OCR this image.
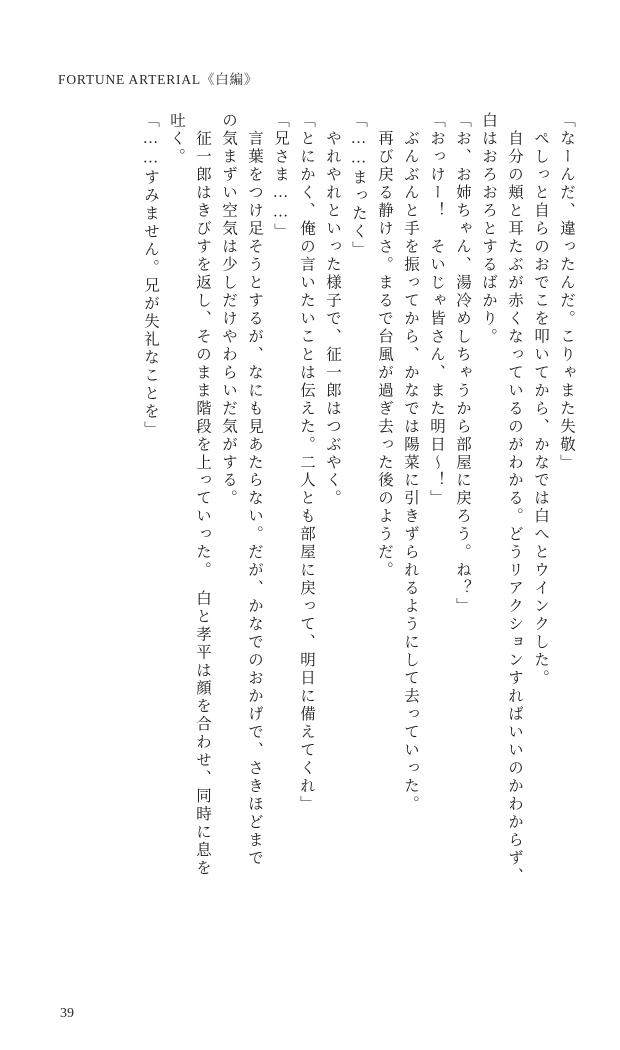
FORTUNE ARTERIAL《白編》
「なーんだ、違ったんだ。こりゃまた失敬」
　ぺしっと自らのおでこを叩いてから、かなでは白へとウインクした。
　自分の頬と耳たぶが赤くなっているのがわかる。どうリアクションすればいいのかわからず、
白はおろおろとするばかり。
「お、お姉ちゃん、湯冷めしちゃうから部屋に戻ろう。ね？」
「おっけー！　そいじゃ皆さん、また明日～！」
　ぶんぶんと手を振ってから、かなでは陽菜に引きずられるようにして去っていった。
　再び戻る静けさ。まるで台風が過ぎ去った後のようだ。
「……まったく」
　やれやれといった様子で、征一郎はつぶやく。
「とにかく、俺の言いたいことは伝えた。二人とも部屋に戻って、明日に備えてくれ」
「兄さま……」
　言葉をつけ足そうとするが、なにも見あたらない。だが、かなでのおかげで、さきほどまで
の気まずい空気は少しだけやわらいだ気がする。
　征一郎はきびすを返し、そのまま階段を上っていった。　白と孝平は顔を合わせ、同時に息を
吐く。
「……すみません。兄が失礼なことを」
39
